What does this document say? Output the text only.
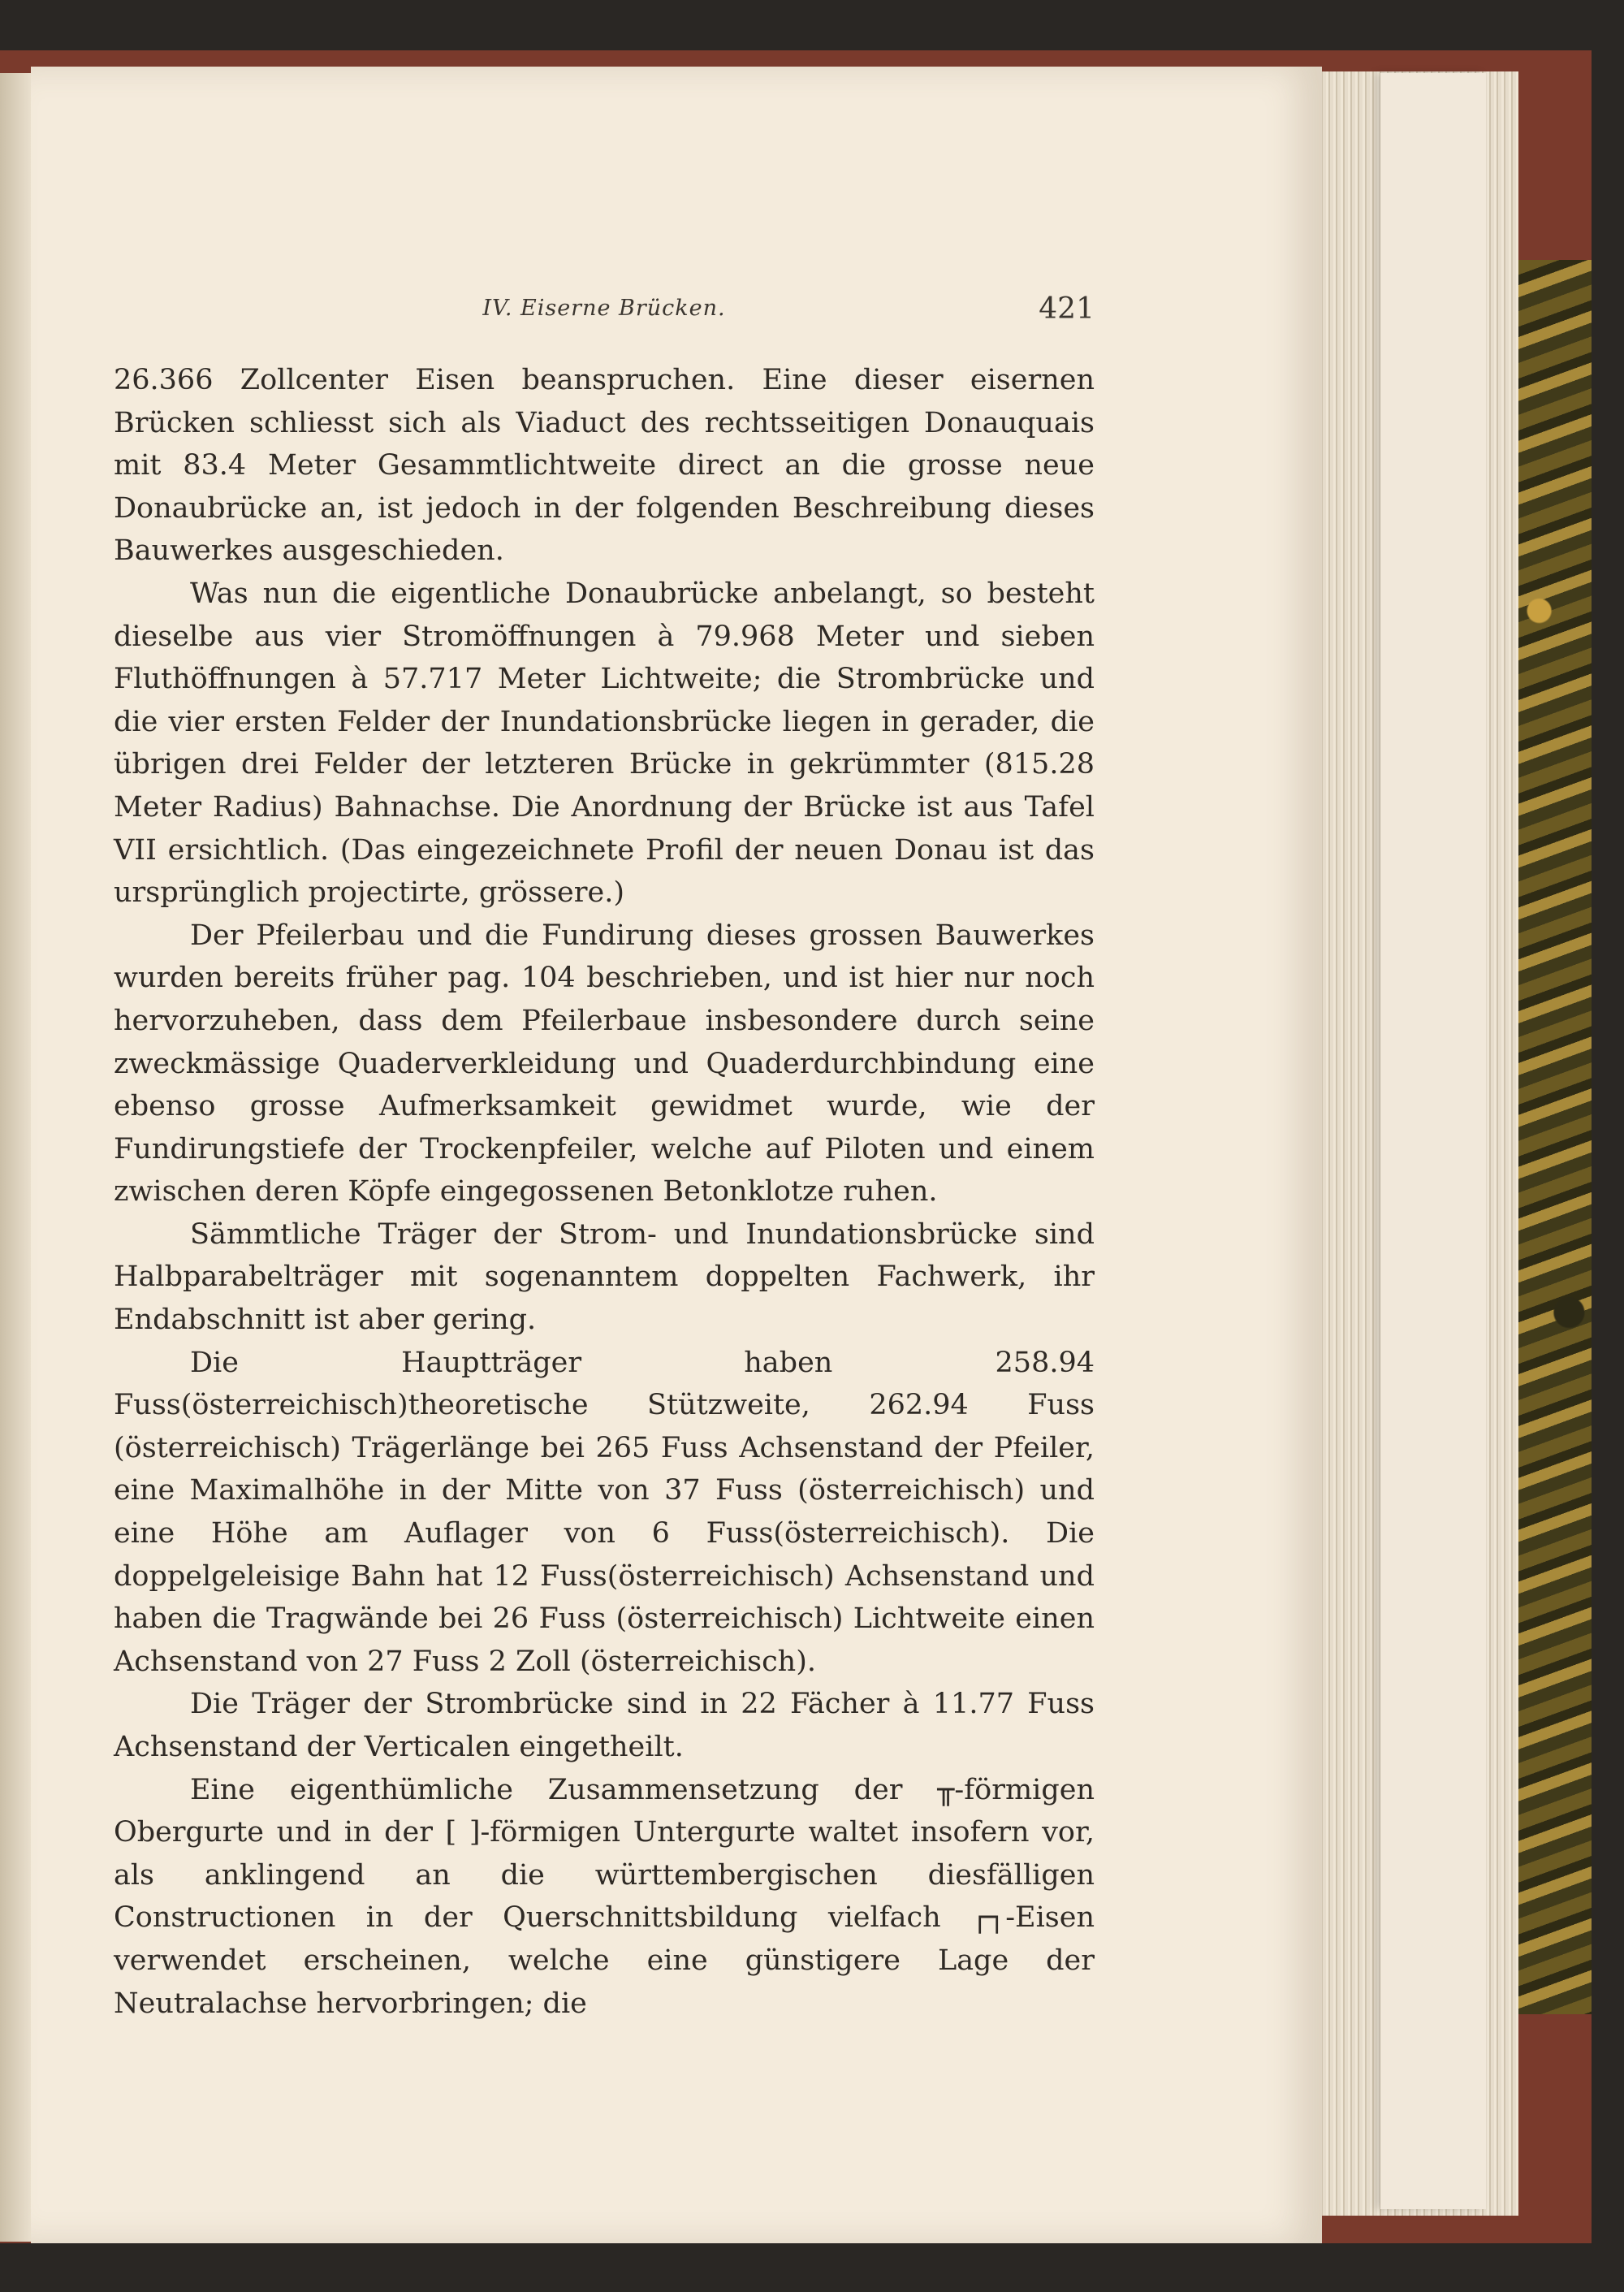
IV. Eiserne Brücken.	421

26.366 Zollcenter Eisen beanspruchen. Eine dieser eisernen Brücken schliesst sich als Viaduct des rechtsseitigen Donauquais mit 83.4 Meter Gesammtlichtweite direct an die grosse neue Donaubrücke an, ist jedoch in der folgenden Beschreibung dieses Bauwerkes ausgeschieden.

Was nun die eigentliche Donaubrücke anbelangt, so besteht dieselbe aus vier Stromöffnungen à 79.968 Meter und sieben Fluthöffnungen à 57.717 Meter Lichtweite; die Strombrücke und die vier ersten Felder der Inundationsbrücke liegen in gerader, die übrigen drei Felder der letzteren Brücke in gekrümmter (815.28 Meter Radius) Bahnachse. Die Anordnung der Brücke ist aus Tafel VII ersichtlich. (Das eingezeichnete Profil der neuen Donau ist das ursprünglich projectirte, grössere.)

Der Pfeilerbau und die Fundirung dieses grossen Bauwerkes wurden bereits früher pag. 104 beschrieben, und ist hier nur noch hervorzuheben, dass dem Pfeilerbaue insbesondere durch seine zweckmässige Quaderverkleidung und Quaderdurchbindung eine ebenso grosse Aufmerksamkeit gewidmet wurde, wie der Fundirungstiefe der Trockenpfeiler, welche auf Piloten und einem zwischen deren Köpfe eingegossenen Betonklotze ruhen.

Sämmtliche Träger der Strom- und Inundationsbrücke sind Halbparabelträger mit sogenanntem doppelten Fachwerk, ihr Endabschnitt ist aber gering.

Die Hauptträger haben 258.94 Fuss(österreichisch)theoretische Stützweite, 262.94 Fuss (österreichisch) Trägerlänge bei 265 Fuss Achsenstand der Pfeiler, eine Maximalhöhe in der Mitte von 37 Fuss (österreichisch) und eine Höhe am Auflager von 6 Fuss(österreichisch). Die doppelgeleisige Bahn hat 12 Fuss(österreichisch) Achsenstand und haben die Tragwände bei 26 Fuss (österreichisch) Lichtweite einen Achsenstand von 27 Fuss 2 Zoll (österreichisch).

Die Träger der Strombrücke sind in 22 Fächer à 11.77 Fuss Achsenstand der Verticalen eingetheilt.

Eine eigenthümliche Zusammensetzung der ╥-förmigen Obergurte und in der [ ]-förmigen Untergurte waltet insofern vor, als anklingend an die württembergischen diesfälligen Constructionen in der Querschnittsbildung vielfach ┌┐-Eisen verwendet erscheinen, welche eine günstigere Lage der Neutralachse hervorbringen; die
